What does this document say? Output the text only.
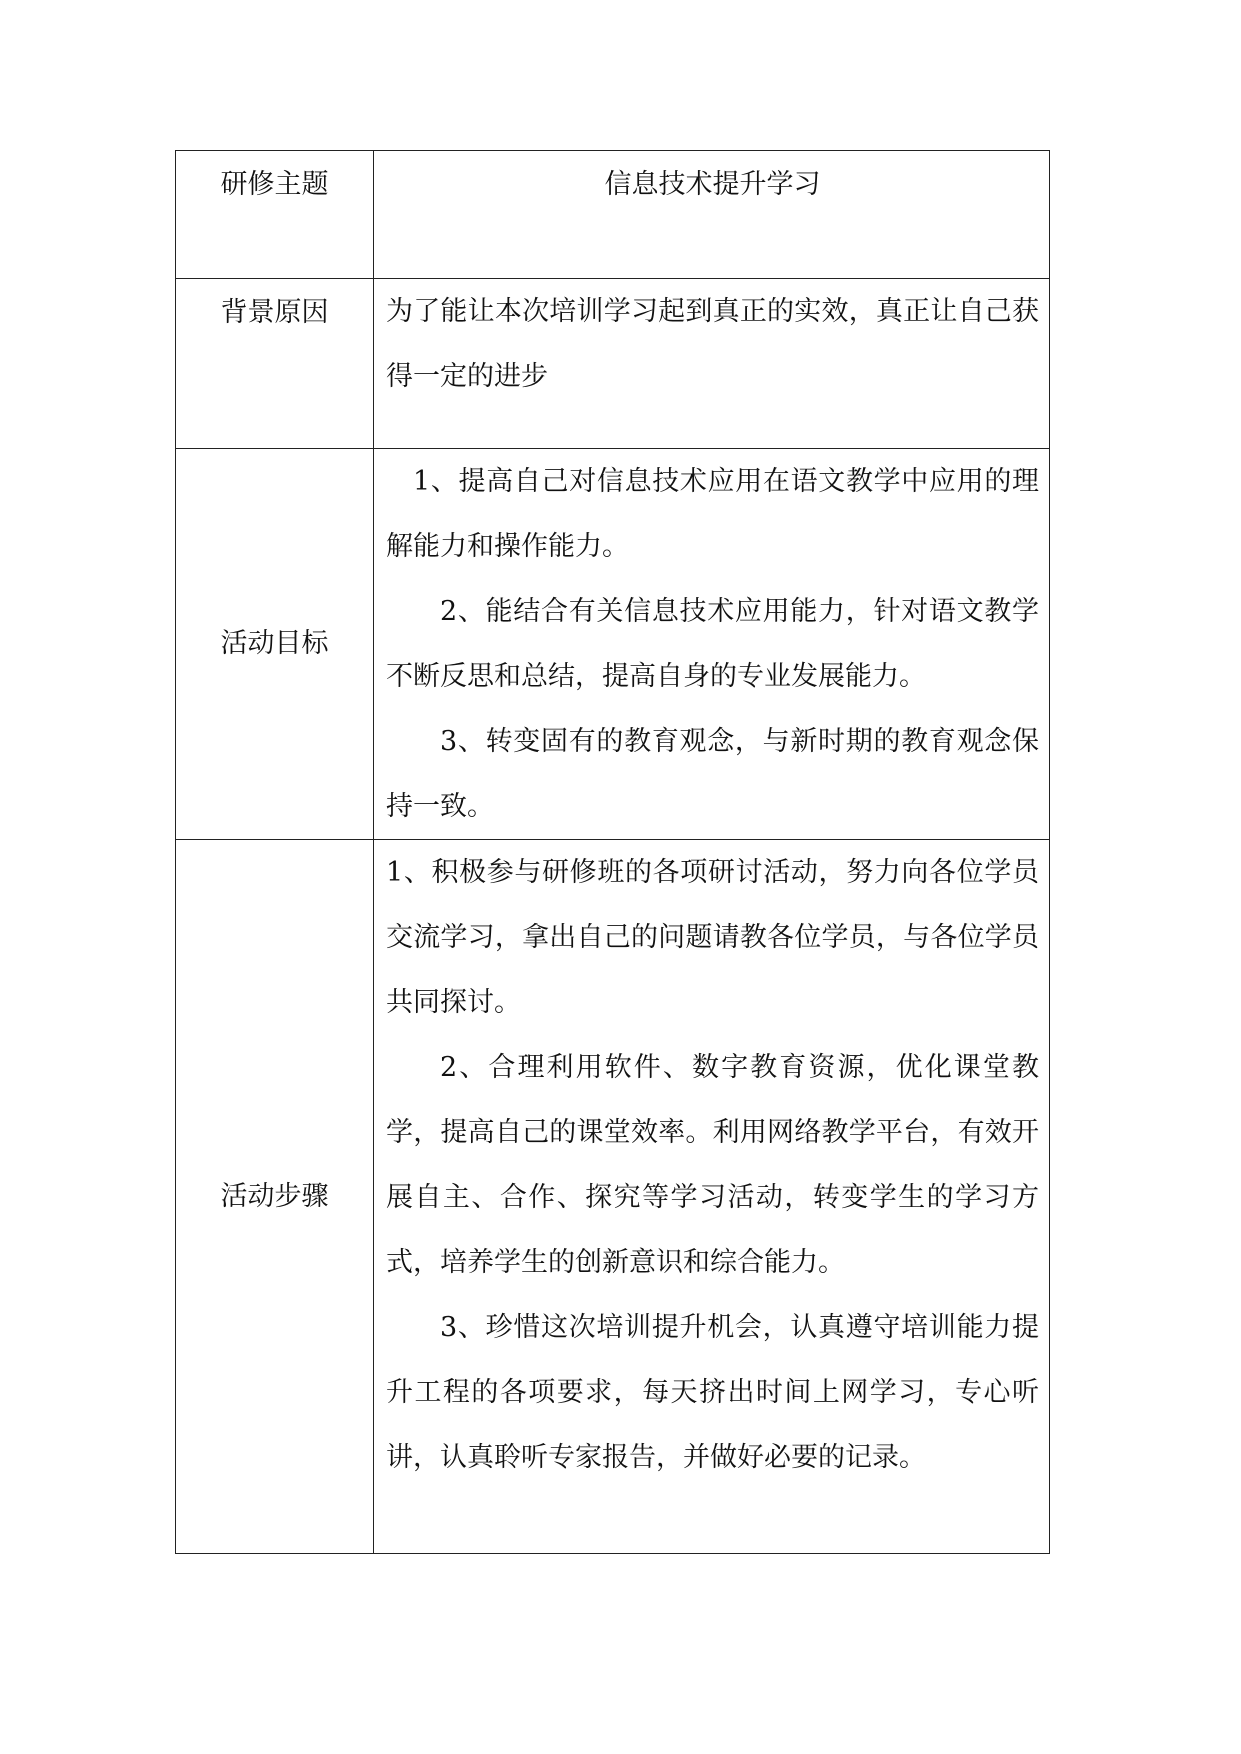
研修主题	信息技术提升学习

背景原因	为了能让本次培训学习起到真正的实效，真正让自己获得一定的进步

活动目标	1、提高自己对信息技术应用在语文教学中应用的理解能力和操作能力。

2、能结合有关信息技术应用能力，针对语文教学不断反思和总结，提高自身的专业发展能力。

3、转变固有的教育观念，与新时期的教育观念保持一致。

活动步骤	1、积极参与研修班的各项研讨活动，努力向各位学员交流学习，拿出自己的问题请教各位学员，与各位学员共同探讨。

2、合理利用软件、数字教育资源，优化课堂教学，提高自己的课堂效率。利用网络教学平台，有效开展自主、合作、探究等学习活动，转变学生的学习方式，培养学生的创新意识和综合能力。

3、珍惜这次培训提升机会，认真遵守培训能力提升工程的各项要求，每天挤出时间上网学习，专心听讲，认真聆听专家报告，并做好必要的记录。
